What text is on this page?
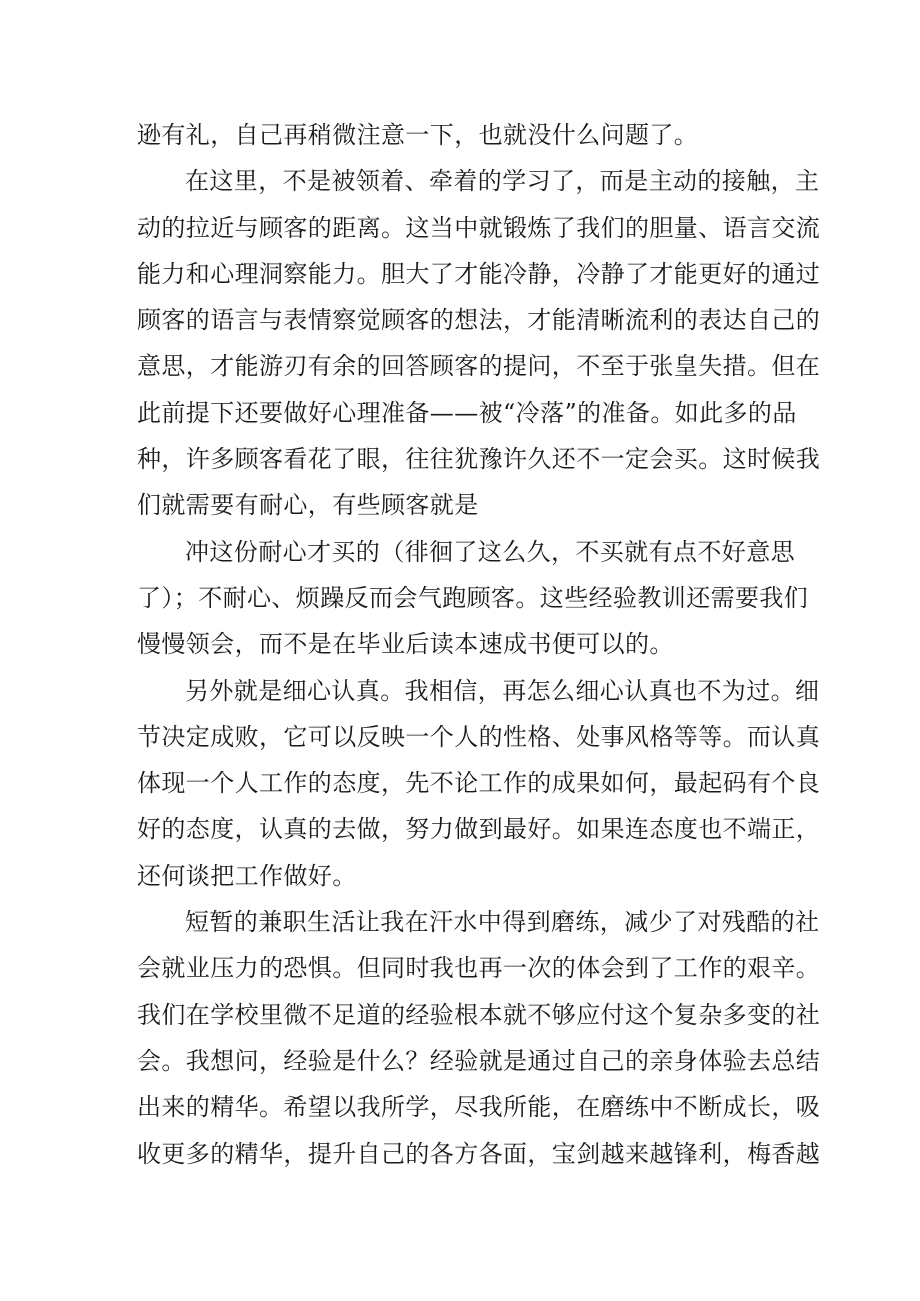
逊有礼，自己再稍微注意一下，也就没什么问题了。
在这里，不是被领着、牵着的学习了，而是主动的接触，主
动的拉近与顾客的距离。这当中就锻炼了我们的胆量、语言交流
能力和心理洞察能力。胆大了才能冷静，冷静了才能更好的通过
顾客的语言与表情察觉顾客的想法，才能清晰流利的表达自己的
意思，才能游刃有余的回答顾客的提问，不至于张皇失措。但在
此前提下还要做好心理准备——被“冷落”的准备。如此多的品
种，许多顾客看花了眼，往往犹豫许久还不一定会买。这时候我
们就需要有耐心，有些顾客就是
冲这份耐心才买的（徘徊了这么久，不买就有点不好意思
了）；不耐心、烦躁反而会气跑顾客。这些经验教训还需要我们
慢慢领会，而不是在毕业后读本速成书便可以的。
另外就是细心认真。我相信，再怎么细心认真也不为过。细
节决定成败，它可以反映一个人的性格、处事风格等等。而认真
体现一个人工作的态度，先不论工作的成果如何，最起码有个良
好的态度，认真的去做，努力做到最好。如果连态度也不端正，
还何谈把工作做好。
短暂的兼职生活让我在汗水中得到磨练，减少了对残酷的社
会就业压力的恐惧。但同时我也再一次的体会到了工作的艰辛。
我们在学校里微不足道的经验根本就不够应付这个复杂多变的社
会。我想问，经验是什么？经验就是通过自己的亲身体验去总结
出来的精华。希望以我所学，尽我所能，在磨练中不断成长，吸
收更多的精华，提升自己的各方各面，宝剑越来越锋利，梅香越
